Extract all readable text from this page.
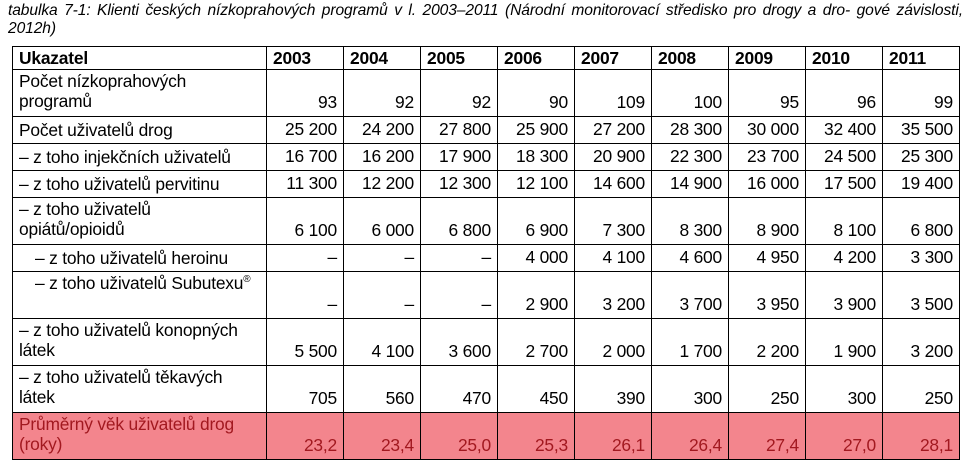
tabulka 7-1: Klienti českých nízkoprahových programů v l. 2003–2011 (Národní monitorovací středisko pro drogy a dro- gové závislosti, 2012h)
Ukazatel	2003	2004	2005	2006	2007	2008	2009	2010	2011
Počet nízkoprahových programů	93	92	92	90	109	100	95	96	99
Počet uživatelů drog	25 200	24 200	27 800	25 900	27 200	28 300	30 000	32 400	35 500
– z toho injekčních uživatelů	16 700	16 200	17 900	18 300	20 900	22 300	23 700	24 500	25 300
– z toho uživatelů pervitinu	11 300	12 200	12 300	12 100	14 600	14 900	16 000	17 500	19 400
– z toho uživatelů opiátů/opioidů	6 100	6 000	6 800	6 900	7 300	8 300	8 900	8 100	6 800
– z toho uživatelů heroinu	–	–	–	4 000	4 100	4 600	4 950	4 200	3 300
– z toho uživatelů Subutexu®	–	–	–	2 900	3 200	3 700	3 950	3 900	3 500
– z toho uživatelů konopných látek	5 500	4 100	3 600	2 700	2 000	1 700	2 200	1 900	3 200
– z toho uživatelů těkavých látek	705	560	470	450	390	300	250	300	250
Průměrný věk uživatelů drog (roky)	23,2	23,4	25,0	25,3	26,1	26,4	27,4	27,0	28,1
